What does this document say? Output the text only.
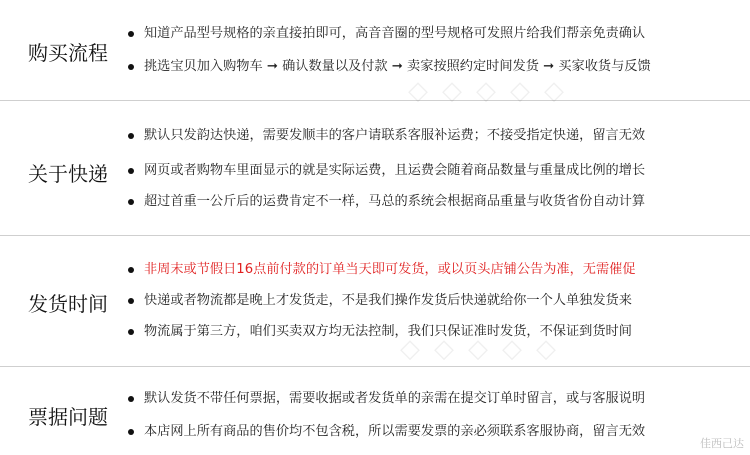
购买流程
知道产品型号规格的亲直接拍即可，高音音圈的型号规格可发照片给我们帮亲免责确认
挑选宝贝加入购物车 ➞ 确认数量以及付款 ➞ 卖家按照约定时间发货 ➞ 买家收货与反馈
◇◇◇◇◇
关于快递
默认只发韵达快递，需要发顺丰的客户请联系客服补运费；不接受指定快递，留言无效
网页或者购物车里面显示的就是实际运费，且运费会随着商品数量与重量成比例的增长
超过首重一公斤后的运费肯定不一样，马总的系统会根据商品重量与收货省份自动计算
发货时间
非周末或节假日16点前付款的订单当天即可发货，或以页头店铺公告为准，无需催促
快递或者物流都是晚上才发货走，不是我们操作发货后快递就给你一个人单独发货来
物流属于第三方，咱们买卖双方均无法控制，我们只保证准时发货，不保证到货时间
◇◇◇◇◇
票据问题
默认发货不带任何票据，需要收据或者发货单的亲需在提交订单时留言，或与客服说明
本店网上所有商品的售价均不包含税，所以需要发票的亲必须联系客服协商，留言无效
佳西己达
